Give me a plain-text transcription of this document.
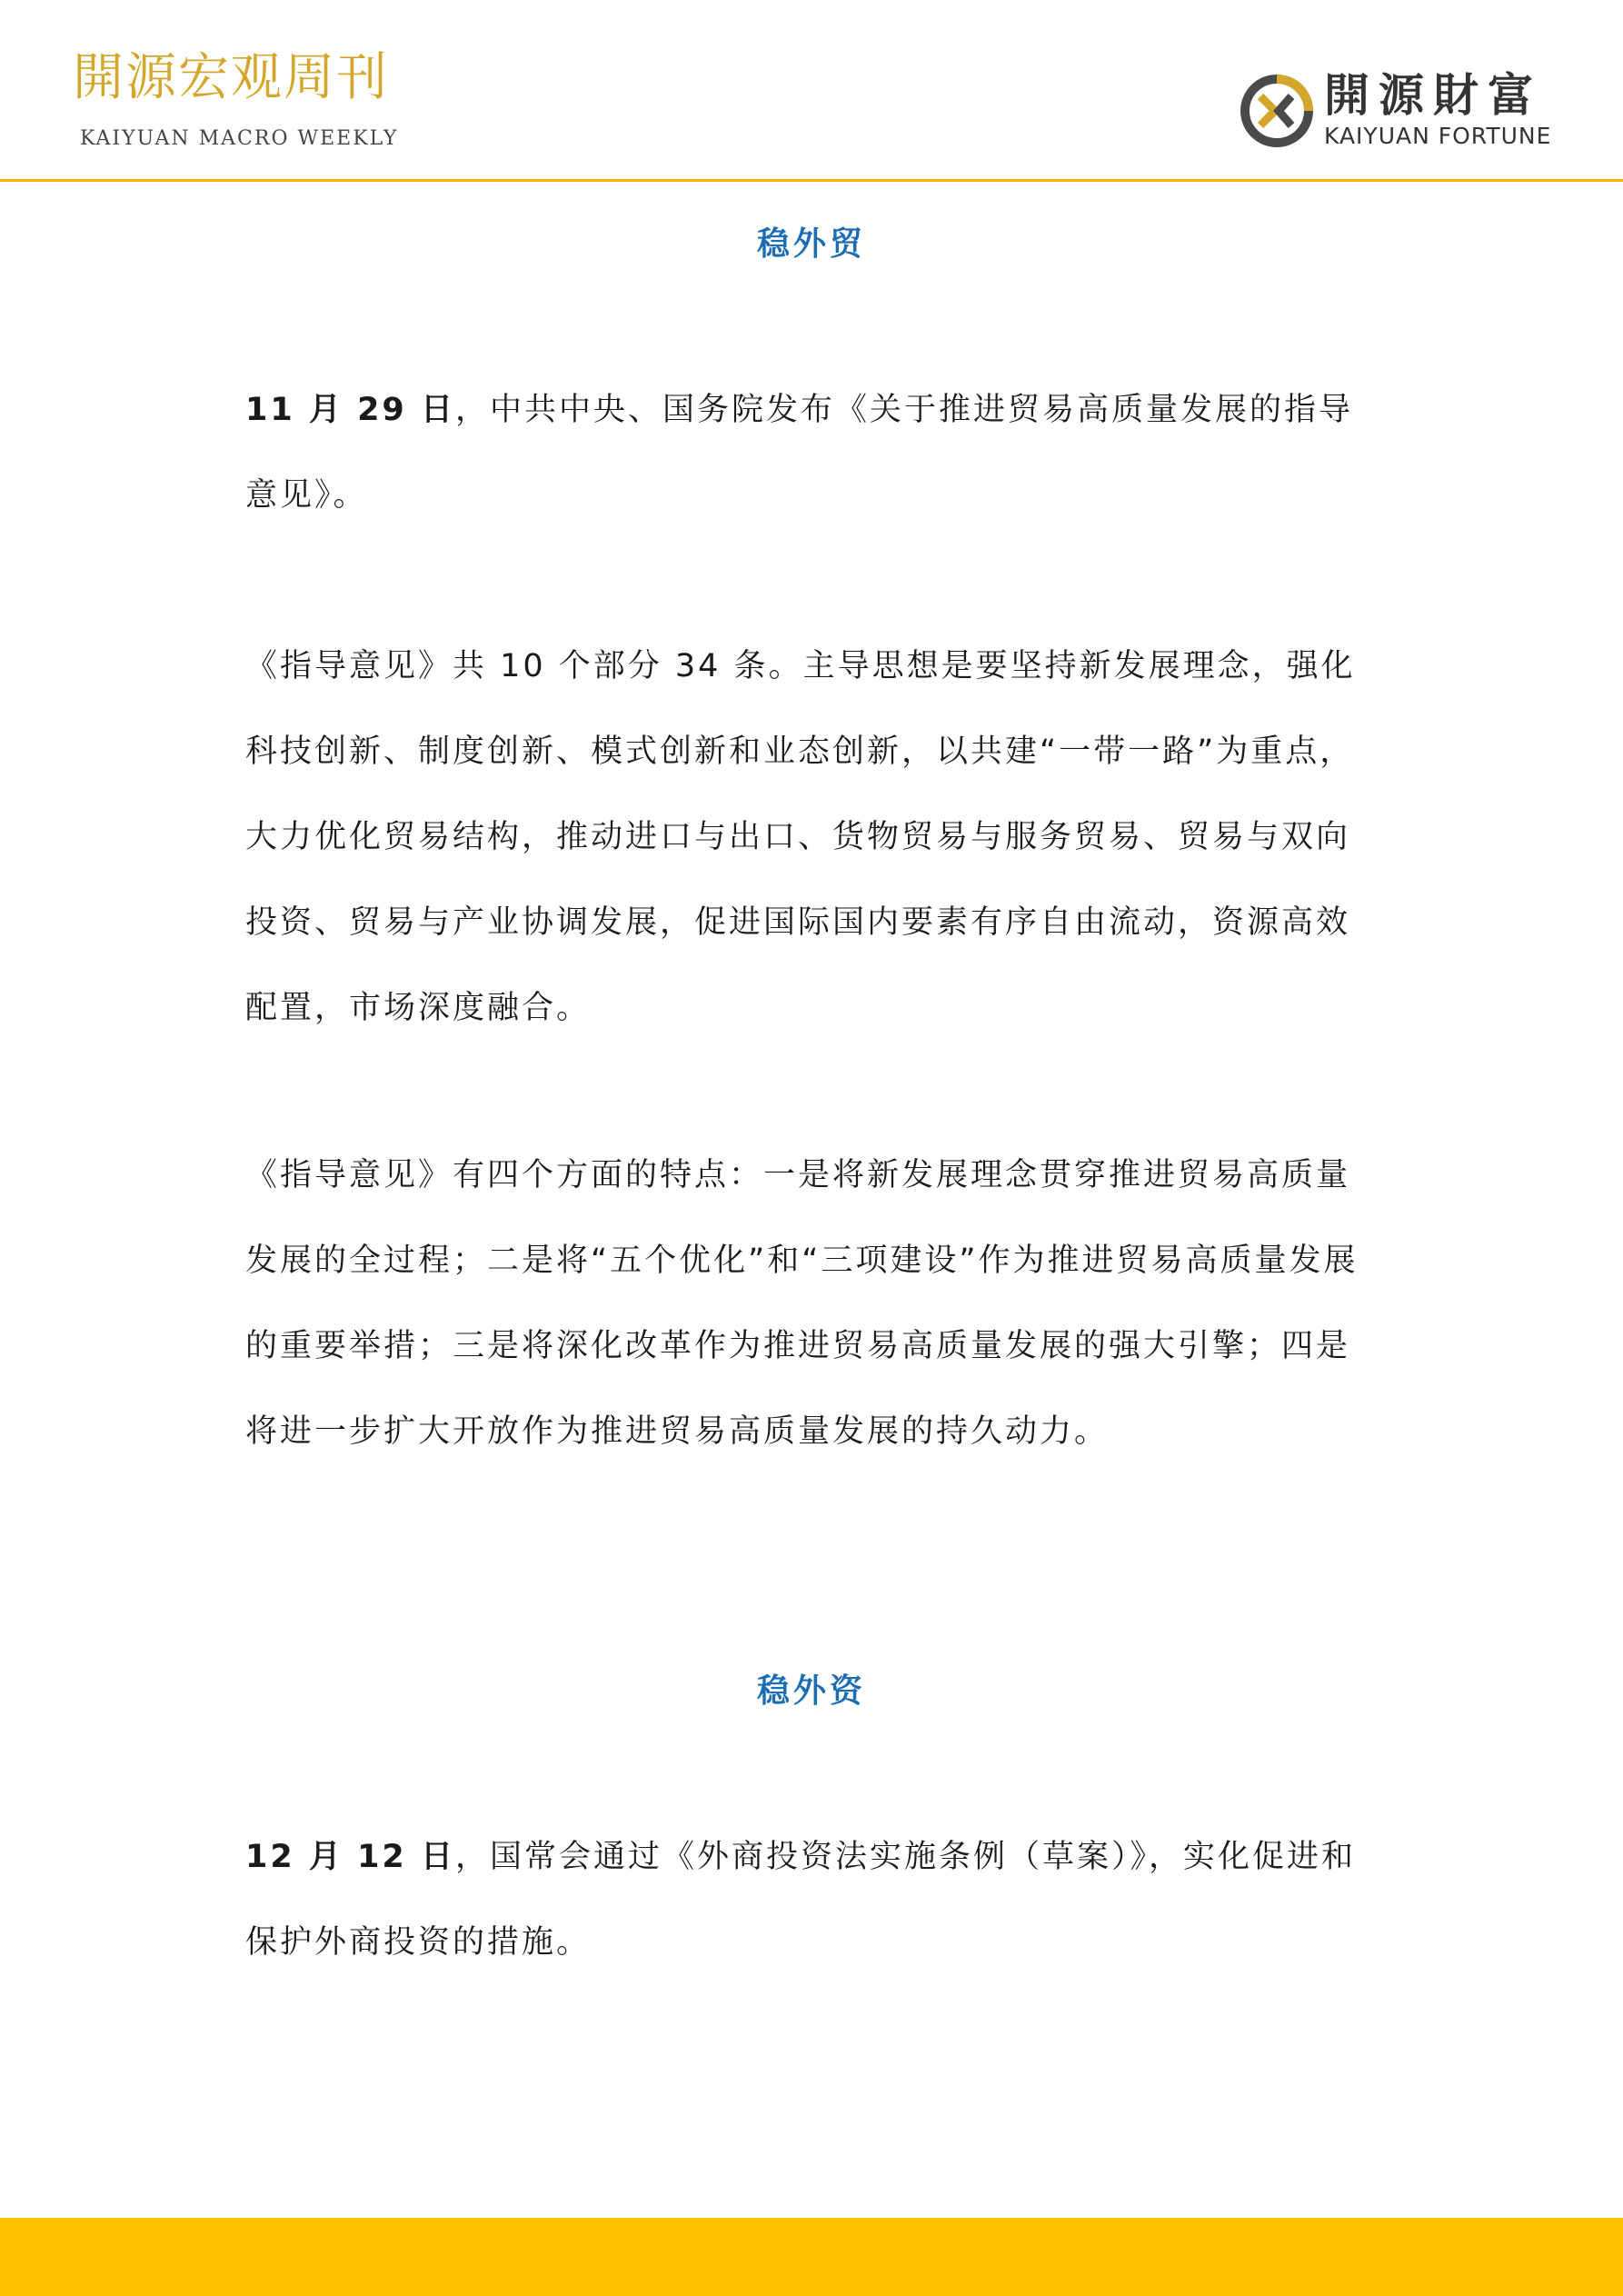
開源宏观周刊
KAIYUAN MACRO WEEKLY
開源財富
KAIYUAN FORTUNE
稳外贸

11 月 29 日，中共中央、国务院发布《关于推进贸易高质量发展的指导意见》。

《指导意见》共 10 个部分 34 条。主导思想是要坚持新发展理念，强化科技创新、制度创新、模式创新和业态创新，以共建“一带一路”为重点，大力优化贸易结构，推动进口与出口、货物贸易与服务贸易、贸易与双向投资、贸易与产业协调发展，促进国际国内要素有序自由流动，资源高效配置，市场深度融合。

《指导意见》有四个方面的特点：一是将新发展理念贯穿推进贸易高质量发展的全过程；二是将“五个优化”和“三项建设”作为推进贸易高质量发展的重要举措；三是将深化改革作为推进贸易高质量发展的强大引擎；四是将进一步扩大开放作为推进贸易高质量发展的持久动力。

稳外资

12 月 12 日，国常会通过《外商投资法实施条例（草案）》，实化促进和保护外商投资的措施。
